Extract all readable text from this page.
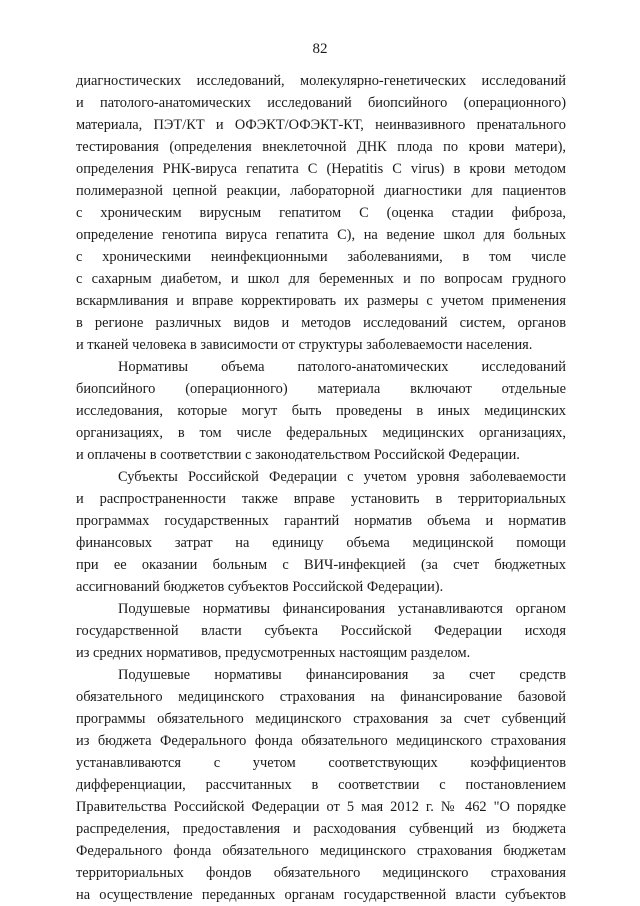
82

диагностических исследований, молекулярно-генетических исследований
и патолого-анатомических исследований биопсийного (операционного)
материала, ПЭТ/КТ и ОФЭКТ/ОФЭКТ-КТ, неинвазивного пренатального
тестирования (определения внеклеточной ДНК плода по крови матери),
определения РНК-вируса гепатита С (Hepatitis С virus) в крови методом
полимеразной цепной реакции, лабораторной диагностики для пациентов
с хроническим вирусным гепатитом С (оценка стадии фиброза,
определение генотипа вируса гепатита С), на ведение школ для больных
с хроническими неинфекционными заболеваниями, в том числе
с сахарным диабетом, и школ для беременных и по вопросам грудного
вскармливания и вправе корректировать их размеры с учетом применения
в регионе различных видов и методов исследований систем, органов
и тканей человека в зависимости от структуры заболеваемости населения.

Нормативы объема патолого-анатомических исследований
биопсийного (операционного) материала включают отдельные
исследования, которые могут быть проведены в иных медицинских
организациях, в том числе федеральных медицинских организациях,
и оплачены в соответствии с законодательством Российской Федерации.

Субъекты Российской Федерации с учетом уровня заболеваемости
и распространенности также вправе установить в территориальных
программах государственных гарантий норматив объема и норматив
финансовых затрат на единицу объема медицинской помощи
при ее оказании больным с ВИЧ-инфекцией (за счет бюджетных
ассигнований бюджетов субъектов Российской Федерации).

Подушевые нормативы финансирования устанавливаются органом
государственной власти субъекта Российской Федерации исходя
из средних нормативов, предусмотренных настоящим разделом.

Подушевые нормативы финансирования за счет средств
обязательного медицинского страхования на финансирование базовой
программы обязательного медицинского страхования за счет субвенций
из бюджета Федерального фонда обязательного медицинского страхования
устанавливаются с учетом соответствующих коэффициентов
дифференциации, рассчитанных в соответствии с постановлением
Правительства Российской Федерации от 5 мая 2012 г. № 462 "О порядке
распределения, предоставления и расходования субвенций из бюджета
Федерального фонда обязательного медицинского страхования бюджетам
территориальных фондов обязательного медицинского страхования
на осуществление переданных органам государственной власти субъектов
